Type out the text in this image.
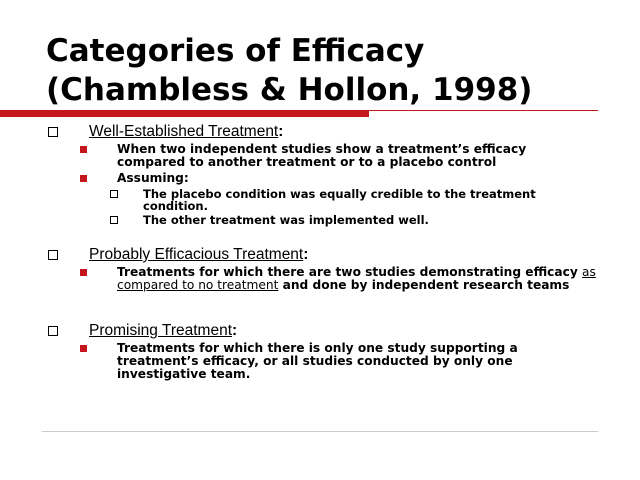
Categories of Efficacy
(Chambless & Hollon, 1998)
Well-Established Treatment:
When two independent studies show a treatment’s efficacy compared to another treatment or to a placebo control
Assuming:
The placebo condition was equally credible to the treatment condition.
The other treatment was implemented well.
Probably Efficacious Treatment:
Treatments for which there are two studies demonstrating efficacy as compared to no treatment and done by independent research teams
Promising Treatment:
Treatments for which there is only one study supporting a treatment’s efficacy, or all studies conducted by only one investigative team.
